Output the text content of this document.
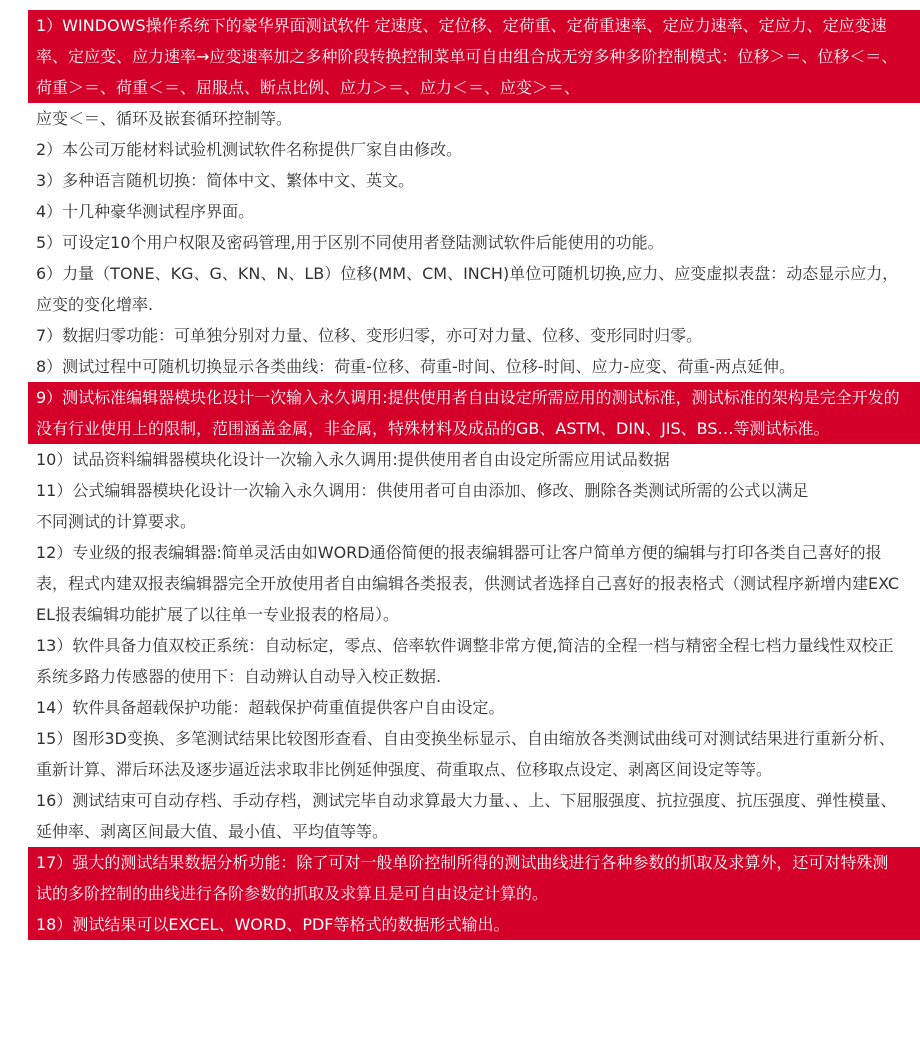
1）WINDOWS操作系统下的豪华界面测试软件 定速度、定位移、定荷重、定荷重速率、定应力速率、定应力、定应变速率、定应变、应力速率→应变速率加之多种阶段转换控制菜单可自由组合成无穷多种多阶控制模式：位移＞＝、位移＜＝、荷重＞＝、荷重＜＝、屈服点、断点比例、应力＞＝、应力＜＝、应变＞＝、
应变＜＝、循环及嵌套循环控制等。
2）本公司万能材料试验机测试软件名称提供厂家自由修改。
3）多种语言随机切换：简体中文、繁体中文、英文。
4）十几种豪华测试程序界面。
5）可设定10个用户权限及密码管理,用于区别不同使用者登陆测试软件后能使用的功能。
6）力量（TONE、KG、G、KN、N、LB）位移(MM、CM、INCH)单位可随机切换,应力、应变虚拟表盘：动态显示应力，应变的变化增率.
7）数据归零功能：可单独分别对力量、位移、变形归零，亦可对力量、位移、变形同时归零。
8）测试过程中可随机切换显示各类曲线：荷重-位移、荷重-时间、位移-时间、应力-应变、荷重-两点延伸。
9）测试标准编辑器模块化设计一次输入永久调用:提供使用者自由设定所需应用的测试标准，测试标准的架构是完全开发的没有行业使用上的限制，范围涵盖金属，非金属，特殊材料及成品的GB、ASTM、DIN、JIS、BS…等测试标准。
10）试品资料编辑器模块化设计一次输入永久调用:提供使用者自由设定所需应用试品数据
11）公式编辑器模块化设计一次输入永久调用：供使用者可自由添加、修改、删除各类测试所需的公式以满足
不同测试的计算要求。
12）专业级的报表编辑器:简单灵活由如WORD通俗简便的报表编辑器可让客户简单方便的编辑与打印各类自己喜好的报表，程式内建双报表编辑器完全开放使用者自由编辑各类报表，供测试者选择自己喜好的报表格式（测试程序新增内建EXCEL报表编辑功能扩展了以往单一专业报表的格局）。
13）软件具备力值双校正系统：自动标定，零点、倍率软件调整非常方便,简洁的全程一档与精密全程七档力量线性双校正系统多路力传感器的使用下：自动辨认自动导入校正数据.
14）软件具备超载保护功能：超载保护荷重值提供客户自由设定。
15）图形3D变换、多笔测试结果比较图形查看、自由变换坐标显示、自由缩放各类测试曲线可对测试结果进行重新分析、重新计算、滞后环法及逐步逼近法求取非比例延伸强度、荷重取点、位移取点设定、剥离区间设定等等。
16）测试结束可自动存档、手动存档，测试完毕自动求算最大力量、、上、下屈服强度、抗拉强度、抗压强度、弹性模量、延伸率、剥离区间最大值、最小值、平均值等等。
17）强大的测试结果数据分析功能：除了可对一般单阶控制所得的测试曲线进行各种参数的抓取及求算外，还可对特殊测试的多阶控制的曲线进行各阶参数的抓取及求算且是可自由设定计算的。
18）测试结果可以EXCEL、WORD、PDF等格式的数据形式输出。
